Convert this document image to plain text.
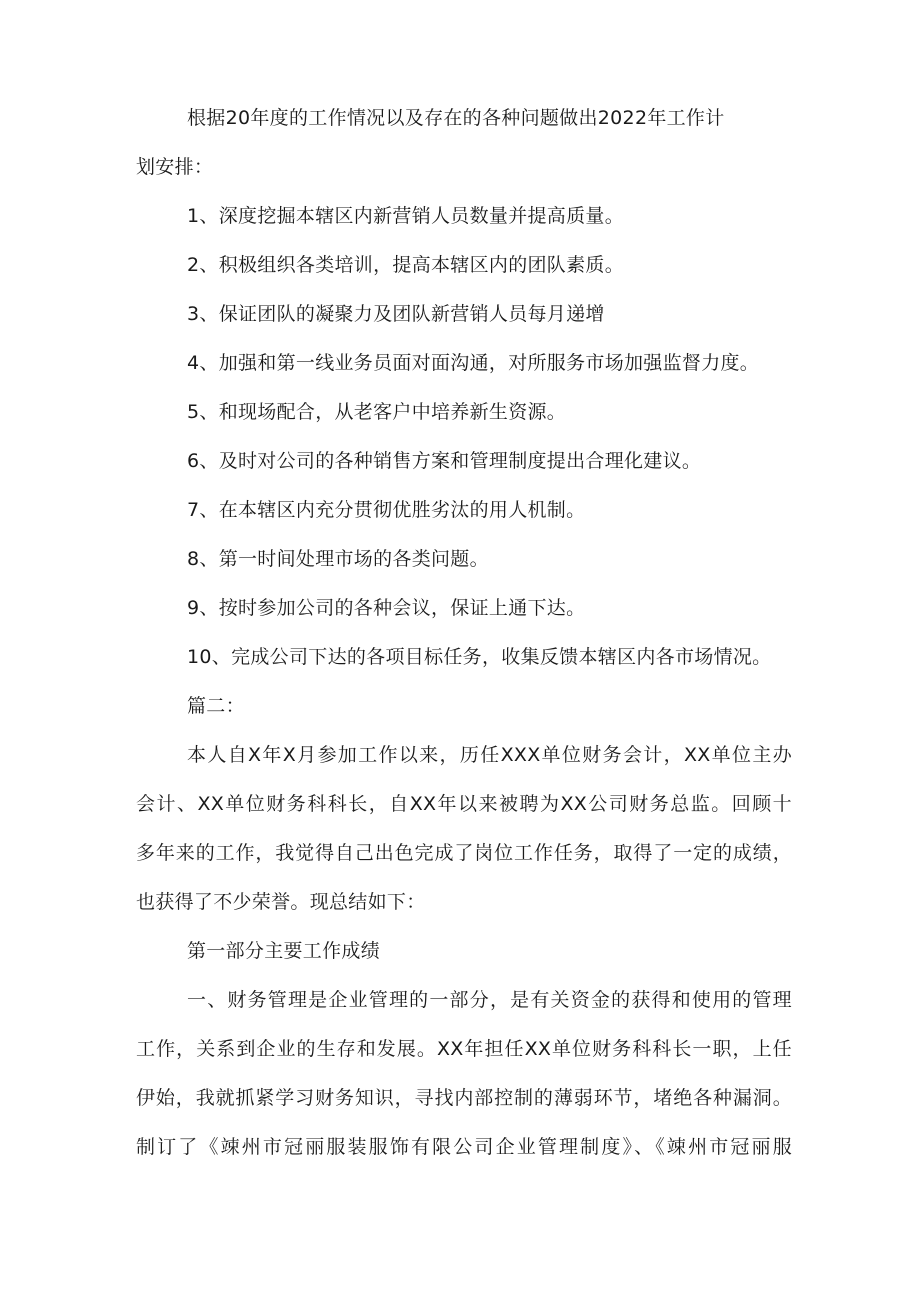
根据20年度的工作情况以及存在的各种问题做出2022年工作计

划安排：

1、深度挖掘本辖区内新营销人员数量并提高质量。

2、积极组织各类培训，提高本辖区内的团队素质。

3、保证团队的凝聚力及团队新营销人员每月递增

4、加强和第一线业务员面对面沟通，对所服务市场加强监督力度。

5、和现场配合，从老客户中培养新生资源。

6、及时对公司的各种销售方案和管理制度提出合理化建议。

7、在本辖区内充分贯彻优胜劣汰的用人机制。

8、第一时间处理市场的各类问题。

9、按时参加公司的各种会议，保证上通下达。

10、完成公司下达的各项目标任务，收集反馈本辖区内各市场情况。

篇二：

本人自X年X月参加工作以来，历任XXX单位财务会计，XX单位主办

会计、XX单位财务科科长，自XX年以来被聘为XX公司财务总监。回顾十

多年来的工作，我觉得自己出色完成了岗位工作任务，取得了一定的成绩，

也获得了不少荣誉。现总结如下：

第一部分主要工作成绩

一、财务管理是企业管理的一部分，是有关资金的获得和使用的管理

工作，关系到企业的生存和发展。XX年担任XX单位财务科科长一职，上任

伊始，我就抓紧学习财务知识，寻找内部控制的薄弱环节，堵绝各种漏洞。

制订了《竦州市冠丽服装服饰有限公司企业管理制度》、《竦州市冠丽服
